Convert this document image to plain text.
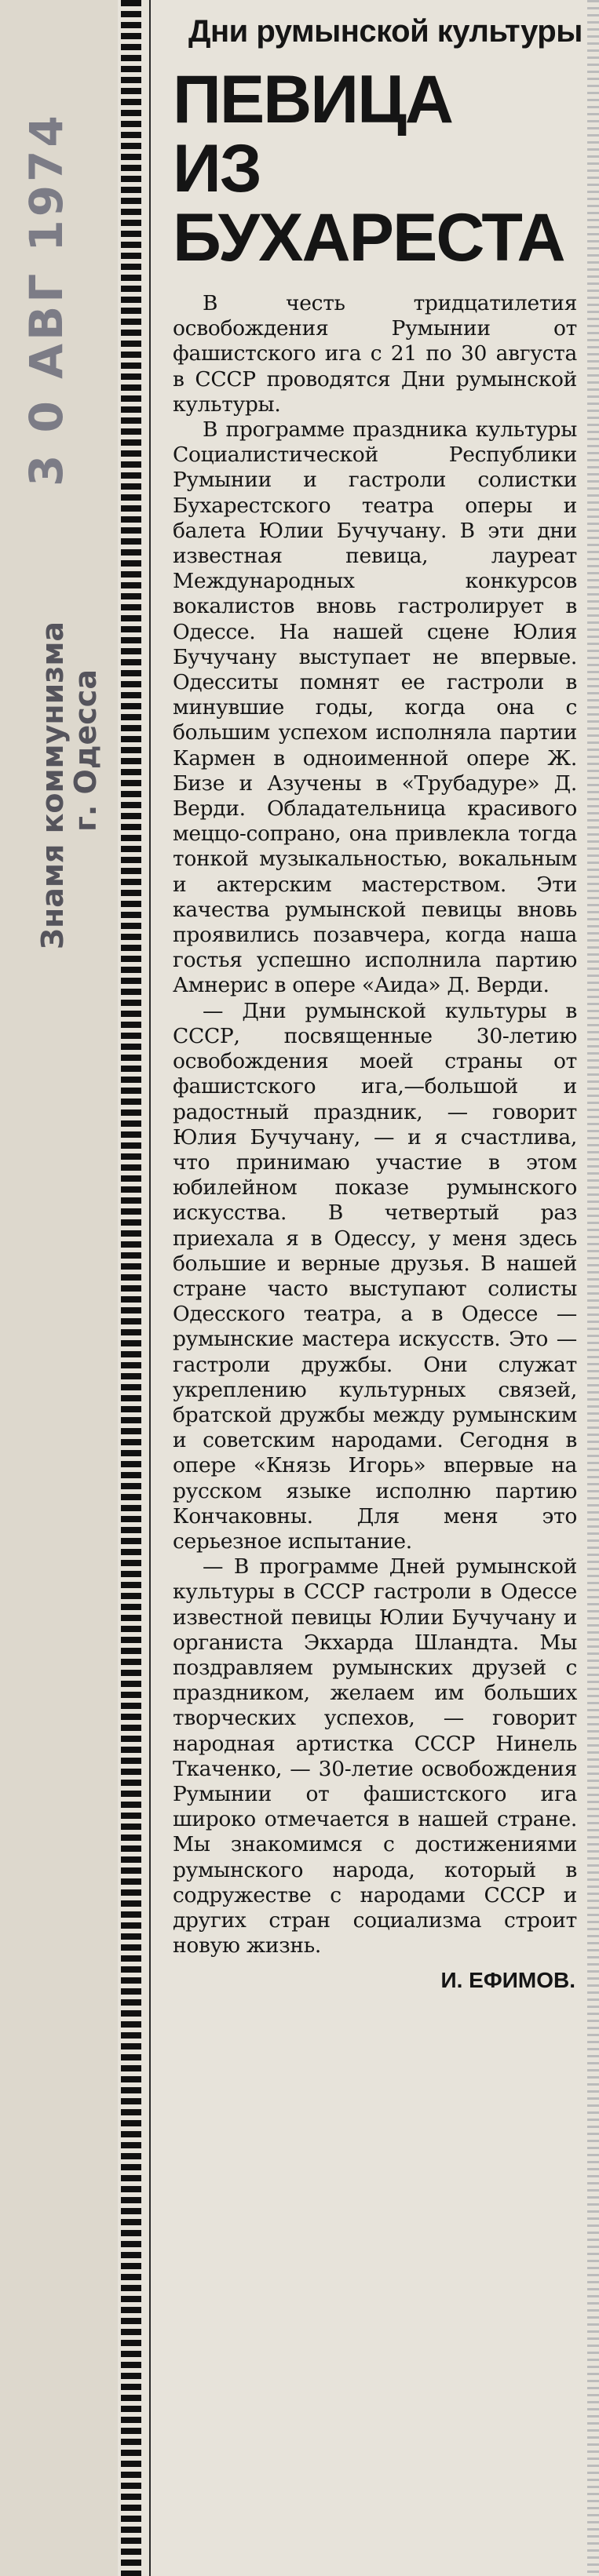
3 0 АВГ 1974
Знамя коммунизма
г. Одесса
Дни румынской культуры
ПЕВИЦА
ИЗ
БУХАРЕСТА

В честь тридцатилетия освобождения Румынии от фашистского ига с 21 по 30 августа в СССР проводятся Дни румынской культуры.

В программе праздника культуры Социалистической Республики Румынии и гастроли солистки Бухарестского театра оперы и балета Юлии Бучучану. В эти дни известная певица, лауреат Международных конкурсов вокалистов вновь гастролирует в Одессе. На нашей сцене Юлия Бучучану выступает не впервые. Одесситы помнят ее гастроли в минувшие годы, когда она с большим успехом исполняла партии Кармен в одноименной опере Ж. Бизе и Азучены в «Трубадуре» Д. Верди. Обладательница красивого меццо-сопрано, она привлекла тогда тонкой музыкальностью, вокальным и актерским мастерством. Эти качества румынской певицы вновь проявились позавчера, когда наша гостья успешно исполнила партию Амнерис в опере «Аида» Д. Верди.

— Дни румынской культуры в СССР, посвященные 30-летию освобождения моей страны от фашистского ига,—большой и радостный праздник, — говорит Юлия Бучучану, — и я счастлива, что принимаю участие в этом юбилейном показе румынского искусства. В четвертый раз приехала я в Одессу, у меня здесь большие и верные друзья. В нашей стране часто выступают солисты Одесского театра, а в Одессе — румынские мастера искусств. Это — гастроли дружбы. Они служат укреплению культурных связей, братской дружбы между румынским и советским народами. Сегодня в опере «Князь Игорь» впервые на русском языке исполню партию Кончаковны. Для меня это серьезное испытание.

— В программе Дней румынской культуры в СССР гастроли в Одессе известной певицы Юлии Бучучану и органиста Экхарда Шландта. Мы поздравляем румынских друзей с праздником, желаем им больших творческих успехов, — говорит народная артистка СССР Нинель Ткаченко, — 30-летие освобождения Румынии от фашистского ига широко отмечается в нашей стране. Мы знакомимся с достижениями румынского народа, который в содружестве с народами СССР и других стран социализма строит новую жизнь.

И. ЕФИМОВ.
